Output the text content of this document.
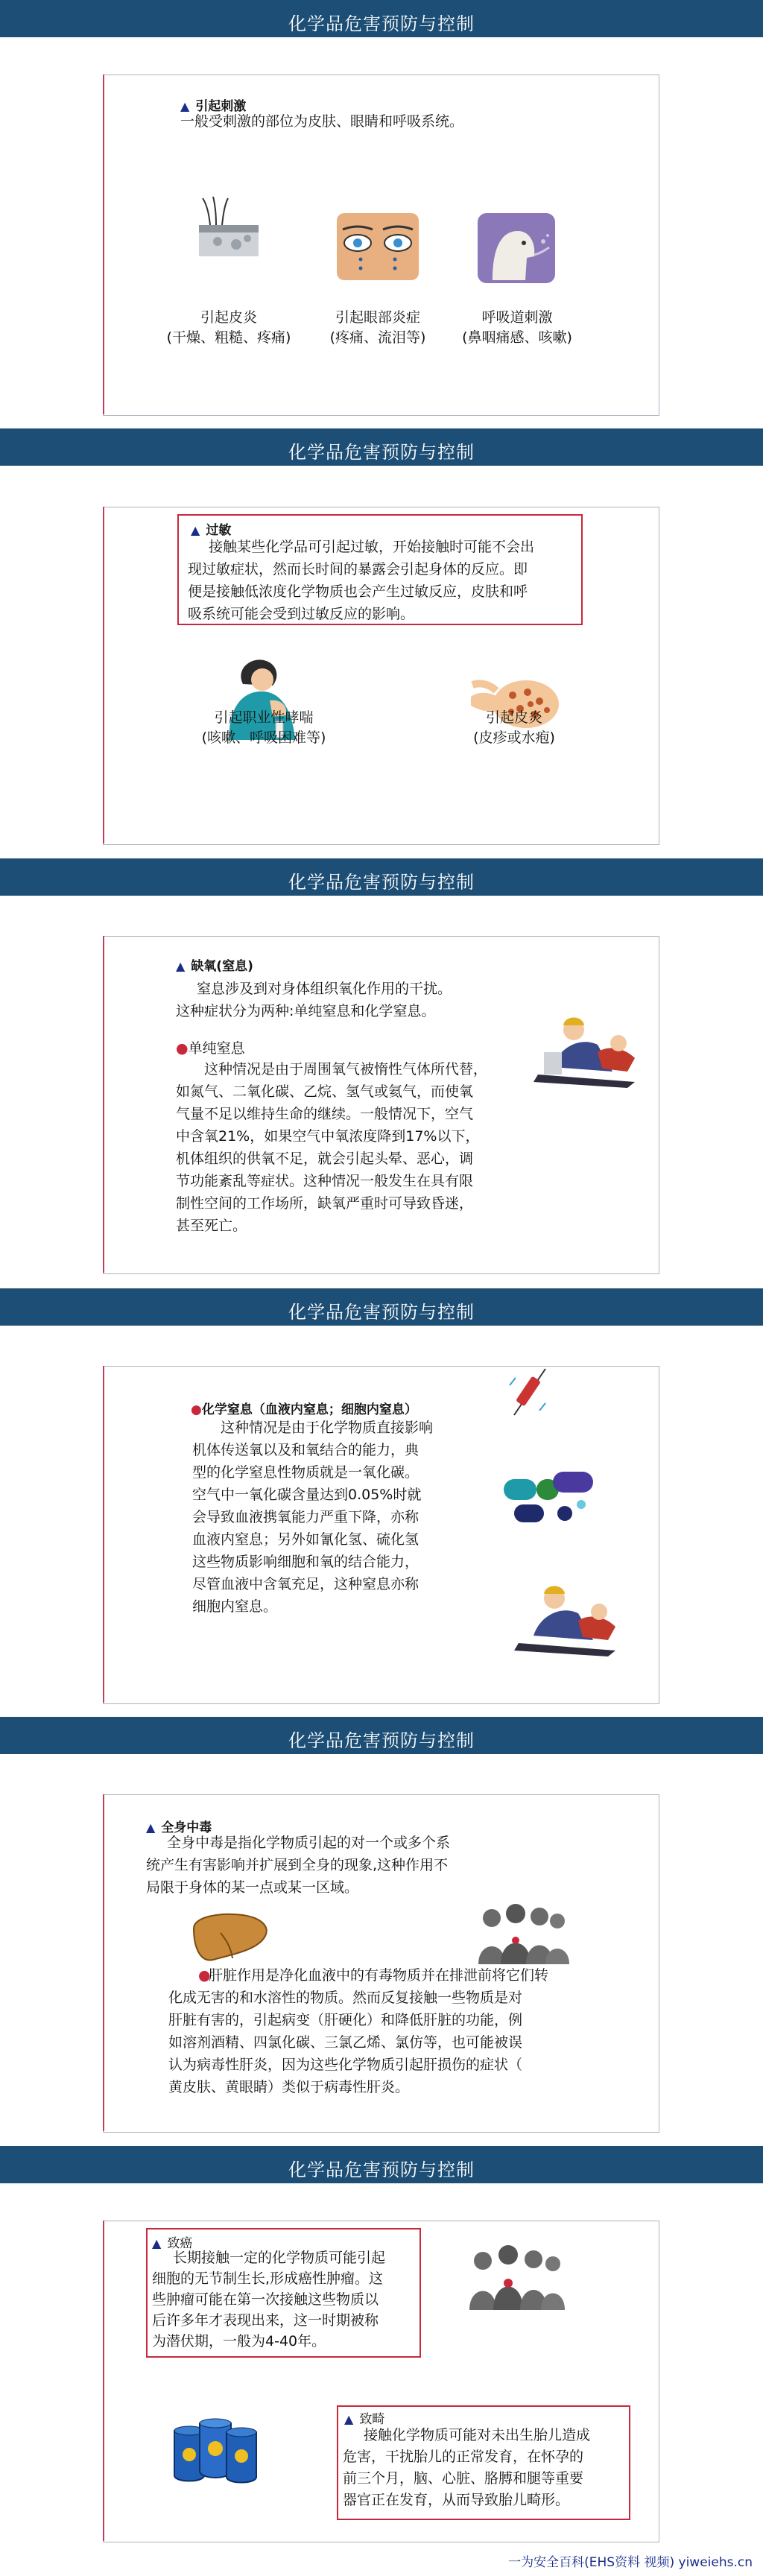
化学品危害预防与控制
▲ 引起刺激
一般受刺激的部位为皮肤、眼睛和呼吸系统。
引起皮炎
(干燥、粗糙、疼痛)
引起眼部炎症
(疼痛、流泪等)
呼吸道刺激
(鼻咽痛感、咳嗽)
化学品危害预防与控制
▲ 过敏
接触某些化学品可引起过敏，开始接触时可能不会出
现过敏症状，然而长时间的暴露会引起身体的反应。即
便是接触低浓度化学物质也会产生过敏反应，皮肤和呼
吸系统可能会受到过敏反应的影响。
引起职业性哮喘
(咳嗽、呼吸困难等)
引起皮炎
(皮疹或水疱)
化学品危害预防与控制
▲ 缺氧(窒息)
窒息涉及到对身体组织氧化作用的干扰。
这种症状分为两种:单纯窒息和化学窒息。
●单纯窒息
这种情况是由于周围氧气被惰性气体所代替，
如氮气、二氧化碳、乙烷、氢气或氦气，而使氧
气量不足以维持生命的继续。一般情况下，空气
中含氧21%，如果空气中氧浓度降到17%以下，
机体组织的供氧不足，就会引起头晕、恶心，调
节功能紊乱等症状。这种情况一般发生在具有限
制性空间的工作场所，缺氧严重时可导致昏迷，
甚至死亡。
化学品危害预防与控制
●化学窒息（血液内窒息；细胞内窒息）
这种情况是由于化学物质直接影响
机体传送氧以及和氧结合的能力，典
型的化学窒息性物质就是一氧化碳。
空气中一氧化碳含量达到0.05%时就
会导致血液携氧能力严重下降，亦称
血液内窒息；另外如氰化氢、硫化氢
这些物质影响细胞和氧的结合能力，
尽管血液中含氧充足，这种窒息亦称
细胞内窒息。
化学品危害预防与控制
▲ 全身中毒
全身中毒是指化学物质引起的对一个或多个系
统产生有害影响并扩展到全身的现象,这种作用不
局限于身体的某一点或某一区域。
●
肝脏作用是净化血液中的有毒物质并在排泄前将它们转
化成无害的和水溶性的物质。然而反复接触一些物质是对
肝脏有害的，引起病变（肝硬化）和降低肝脏的功能，例
如溶剂酒精、四氯化碳、三氯乙烯、氯仿等，也可能被误
认为病毒性肝炎，因为这些化学物质引起肝损伤的症状（
黄皮肤、黄眼睛）类似于病毒性肝炎。
化学品危害预防与控制
▲ 致癌
长期接触一定的化学物质可能引起
细胞的无节制生长,形成癌性肿瘤。这
些肿瘤可能在第一次接触这些物质以
后许多年才表现出来，这一时期被称
为潜伏期，一般为4-40年。
▲ 致畸
接触化学物质可能对未出生胎儿造成
危害，干扰胎儿的正常发育，在怀孕的
前三个月，脑、心脏、胳膊和腿等重要
器官正在发育，从而导致胎儿畸形。
一为安全百科(EHS资料 视频) yiweiehs.cn
